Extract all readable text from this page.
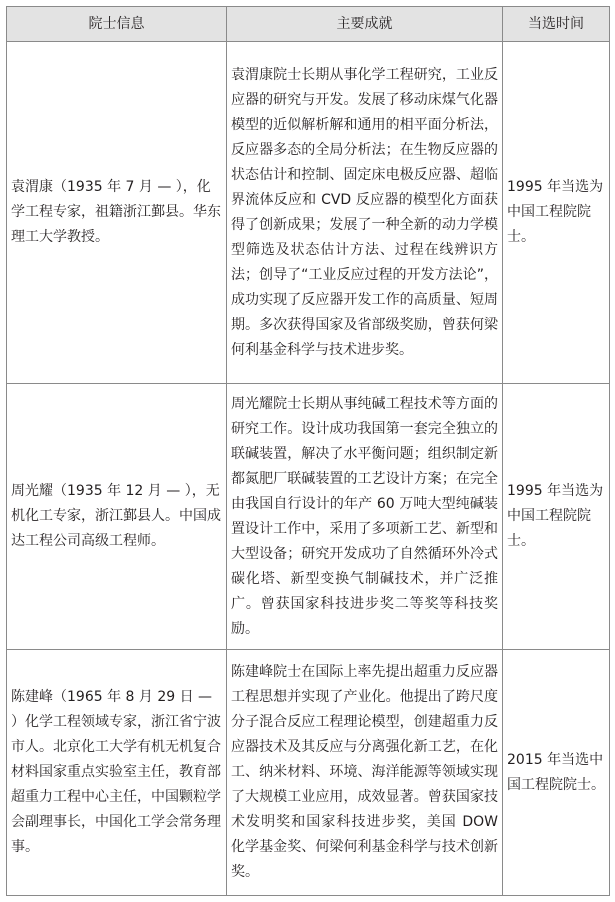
院士信息	主要成就	当选时间
袁渭康（1935 年 7 月 — ），化学工程专家，祖籍浙江鄞县。华东理工大学教授。	袁渭康院士长期从事化学工程研究，工业反应器的研究与开发。发展了移动床煤气化器模型的近似解析解和通用的相平面分析法，反应器多态的全局分析法；在生物反应器的状态估计和控制、固定床电极反应器、超临界流体反应和 CVD 反应器的模型化方面获得了创新成果；发展了一种全新的动力学模型筛选及状态估计方法、过程在线辨识方法；创导了“工业反应过程的开发方法论”，成功实现了反应器开发工作的高质量、短周期。多次获得国家及省部级奖励，曾获何梁何利基金科学与技术进步奖。	1995 年当选为中国工程院院士。
周光耀（1935 年 12 月 — ），无机化工专家，浙江鄞县人。中国成达工程公司高级工程师。	周光耀院士长期从事纯碱工程技术等方面的研究工作。设计成功我国第一套完全独立的联碱装置，解决了水平衡问题；组织制定新都氮肥厂联碱装置的工艺设计方案；在完全由我国自行设计的年产 60 万吨大型纯碱装置设计工作中，采用了多项新工艺、新型和大型设备；研究开发成功了自然循环外冷式碳化塔、新型变换气制碱技术，并广泛推广。曾获国家科技进步奖二等奖等科技奖励。	1995 年当选为中国工程院院士。
陈建峰（1965 年 8 月 29 日 — ）化学工程领域专家，浙江省宁波市人。北京化工大学有机无机复合材料国家重点实验室主任，教育部超重力工程中心主任，中国颗粒学会副理事长，中国化工学会常务理事。	陈建峰院士在国际上率先提出超重力反应器工程思想并实现了产业化。他提出了跨尺度分子混合反应工程理论模型，创建超重力反应器技术及其反应与分离强化新工艺，在化工、纳米材料、环境、海洋能源等领域实现了大规模工业应用，成效显著。曾获国家技术发明奖和国家科技进步奖，美国 DOW 化学基金奖、何梁何利基金科学与技术创新奖。	2015 年当选中国工程院院士。
